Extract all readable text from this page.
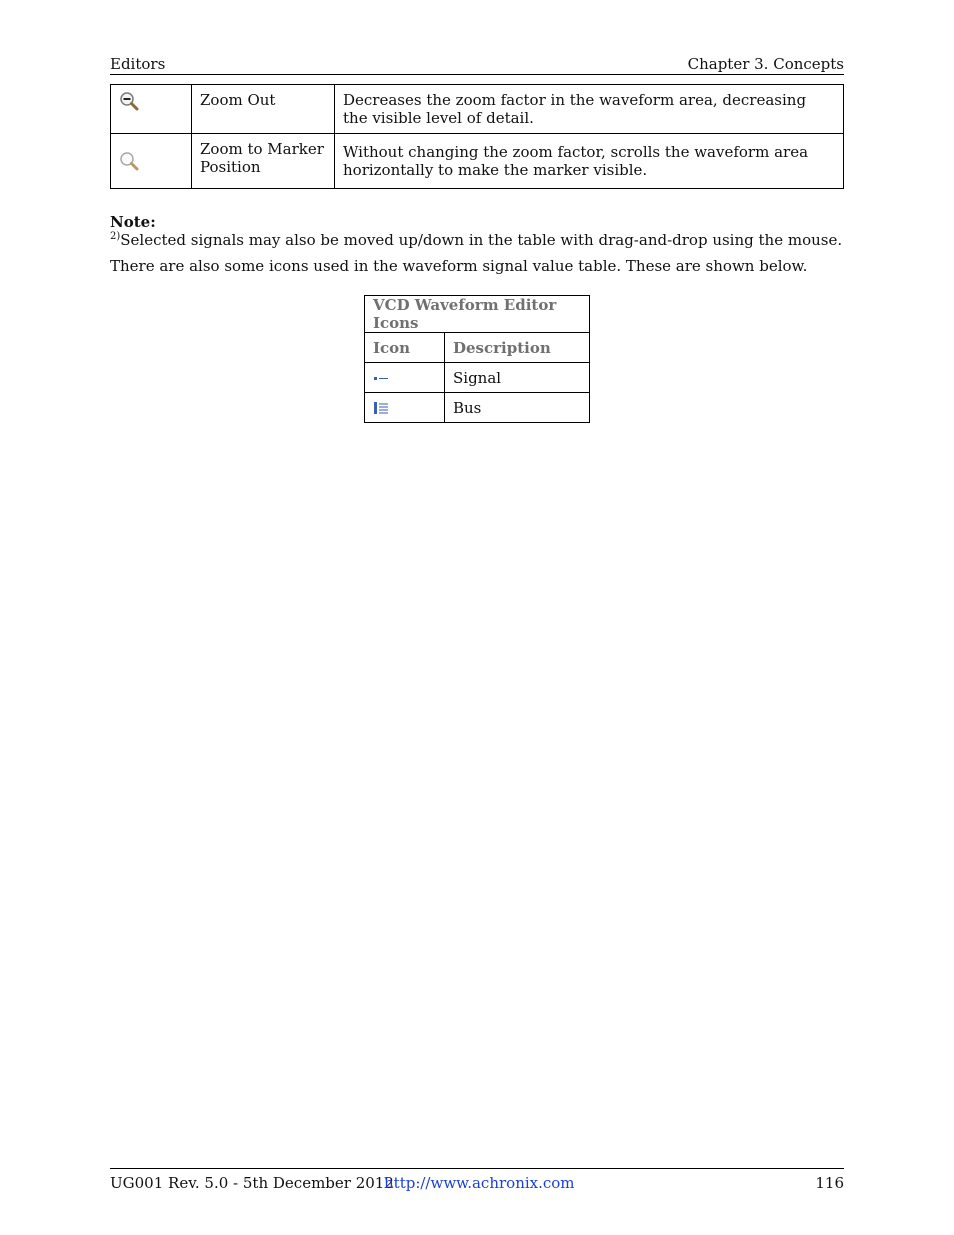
Editors	Chapter 3. Concepts
	Zoom Out	Decreases the zoom factor in the waveform area, decreasing the visible level of detail.

	Zoom to Marker Position	Without changing the zoom factor, scrolls the waveform area horizontally to make the marker visible.
Note:
$^{2)}$Selected signals may also be moved up/down in the table with drag-and-drop using the mouse.
There are also some icons used in the waveform signal value table. These are shown below.
VCD Waveform Editor Icons	
Icon	Description

	Signal

	Bus
UG001 Rev. 5.0 - 5th December 2012
http://www.achronix.com	116
